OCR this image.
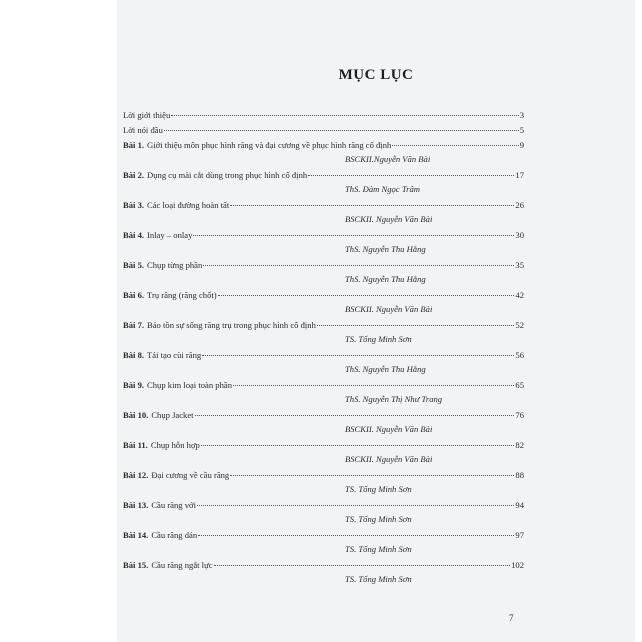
MỤC LỤC
Lời giới thiệu	3
Lời nói đầu	5
Bài 1. Giới thiệu môn phục hình răng và đại cương về phục hình răng cố định	9
BSCKII.Nguyễn Văn Bài
Bài 2. Dụng cụ mài cắt dùng trong phục hình cố định	17
ThS. Đàm Ngọc Trâm
Bài 3. Các loại đường hoàn tất	26
BSCKII. Nguyễn Văn Bài
Bài 4. Inlay – onlay	30
ThS. Nguyễn Thu Hằng
Bài 5. Chụp từng phần	35
ThS. Nguyễn Thu Hằng
Bài 6. Trụ răng (răng chốt)	42
BSCKII. Nguyễn Văn Bài
Bài 7. Bảo tồn sự sống răng trụ trong phục hình cố định	52
TS. Tống Minh Sơn
Bài 8. Tái tạo cùi răng	56
ThS. Nguyễn Thu Hằng
Bài 9. Chụp kim loại toàn phần	65
ThS. Nguyễn Thị Như Trang
Bài 10. Chụp Jacket	76
BSCKII. Nguyễn Văn Bài
Bài 11. Chụp hỗn hợp	82
BSCKII. Nguyễn Văn Bài
Bài 12. Đại cương về cầu răng	88
TS. Tống Minh Sơn
Bài 13. Cầu răng với	94
TS. Tống Minh Sơn
Bài 14. Cầu răng dán	97
TS. Tống Minh Sơn
Bài 15. Cầu răng ngắt lực	102
TS. Tống Minh Sơn
7
